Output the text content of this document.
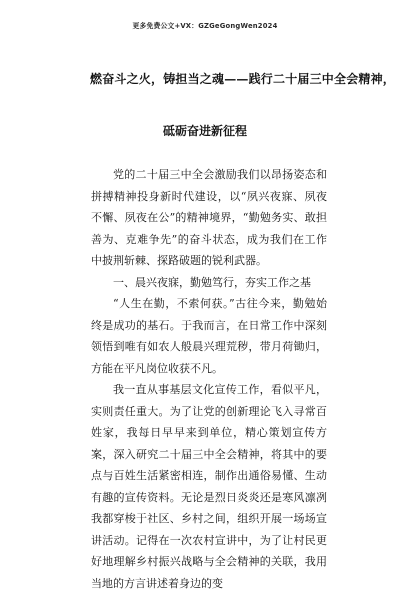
更多免费公文+VX：GZGeGongWen2024
燃奋斗之火，铸担当之魂——践行二十届三中全会精神，
砥砺奋进新征程

党的二十届三中全会激励我们以昂扬姿态和拼搏精神投身新时代建设，以“夙兴夜寐、夙夜不懈、夙夜在公”的精神境界，“勤勉务实、敢担善为、克难争先”的奋斗状态，成为我们在工作中披荆斩棘、探路破题的锐利武器。

一、晨兴夜寐，勤勉笃行，夯实工作之基

“人生在勤，不索何获。”古往今来，勤勉始终是成功的基石。于我而言，在日常工作中深刻领悟到唯有如农人般晨兴理荒秽，带月荷锄归，方能在平凡岗位收获不凡。

我一直从事基层文化宣传工作，看似平凡，实则责任重大。为了让党的创新理论飞入寻常百姓家，我每日早早来到单位，精心策划宣传方案，深入研究二十届三中全会精神，将其中的要点与百姓生活紧密相连，制作出通俗易懂、生动有趣的宣传资料。无论是烈日炎炎还是寒风凛冽我都穿梭于社区、乡村之间，组织开展一场场宣讲活动。记得在一次农村宣讲中，为了让村民更好地理解乡村振兴战略与全会精神的关联，我用当地的方言讲述着身边的变
